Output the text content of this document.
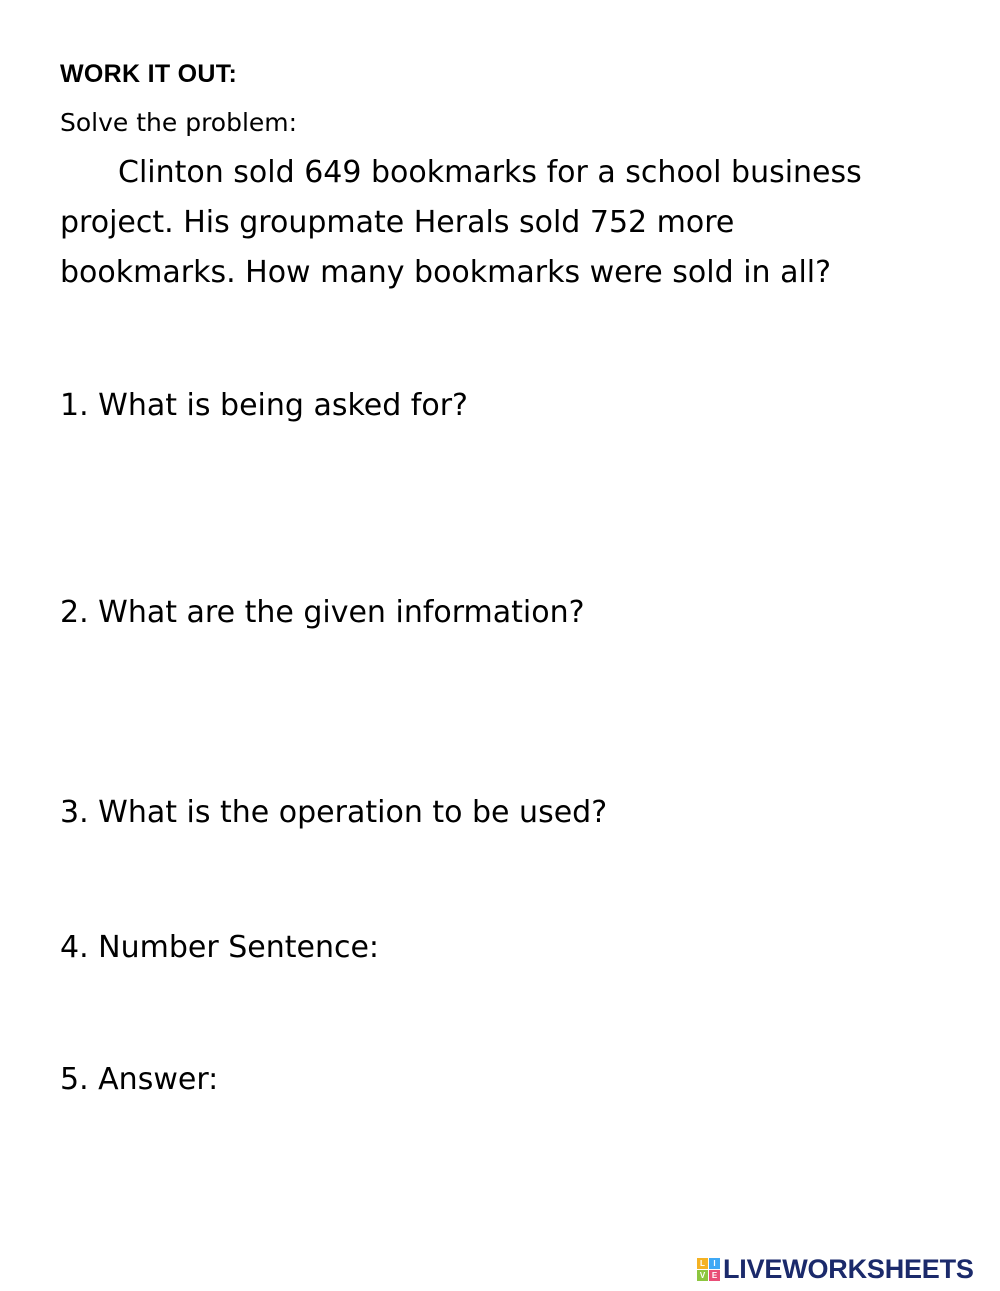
WORK IT OUT:
Solve the problem:
Clinton sold 649 bookmarks for a school business
project. His groupmate Herals sold 752 more
bookmarks. How many bookmarks were sold in all?
1. What is being asked for?
2. What are the given information?
3. What is the operation to be used?
4. Number Sentence:
5. Answer:
L	I
V E LIVEWORKSHEETS
